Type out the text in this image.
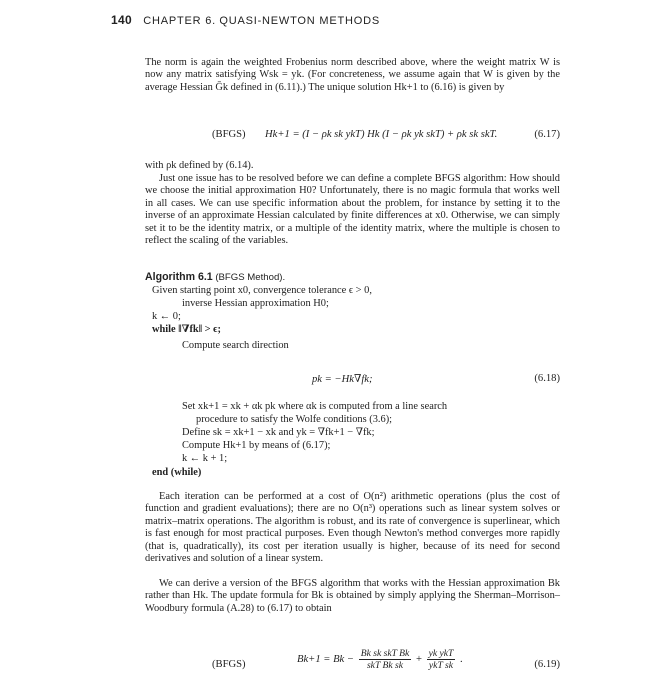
140 CHAPTER 6. QUASI-NEWTON METHODS

The norm is again the weighted Frobenius norm described above, where the weight matrix W is now any matrix satisfying Wsk = yk. (For concreteness, we assume again that W is given by the average Hessian Ḡk defined in (6.11).) The unique solution Hk+1 to (6.16) is given by

(BFGS) Hk+1 = (I − ρk sk ykT) Hk (I − ρk yk skT) + ρk sk skT.	(6.17)

with ρk defined by (6.14).

Just one issue has to be resolved before we can define a complete BFGS algorithm: How should we choose the initial approximation H0? Unfortunately, there is no magic formula that works well in all cases. We can use specific information about the problem, for instance by setting it to the inverse of an approximate Hessian calculated by finite differences at x0. Otherwise, we can simply set it to be the identity matrix, or a multiple of the identity matrix, where the multiple is chosen to reflect the scaling of the variables.

Algorithm 6.1 (BFGS Method).
Given starting point x0, convergence tolerance ϵ > 0,
inverse Hessian approximation H0;
k ← 0;
while ‖∇fk‖ > ϵ;
Compute search direction
pk = −Hk∇fk;	(6.18)
Set xk+1 = xk + αk pk where αk is computed from a line search
procedure to satisfy the Wolfe conditions (3.6);
Define sk = xk+1 − xk and yk = ∇fk+1 − ∇fk;
Compute Hk+1 by means of (6.17);
k ← k + 1;
end (while)

Each iteration can be performed at a cost of O(n²) arithmetic operations (plus the cost of function and gradient evaluations); there are no O(n³) operations such as linear system solves or matrix–matrix operations. The algorithm is robust, and its rate of convergence is superlinear, which is fast enough for most practical purposes. Even though Newton's method converges more rapidly (that is, quadratically), its cost per iteration usually is higher, because of its need for second derivatives and solution of a linear system.

We can derive a version of the BFGS algorithm that works with the Hessian approximation Bk rather than Hk. The update formula for Bk is obtained by simply applying the Sherman–Morrison–Woodbury formula (A.28) to (6.17) to obtain

(BFGS)	$Bk+1 = Bk - \frac{\text{Bk sk skT Bk}}{\text{skT Bk sk}} + \frac{\text{yk ykT}}{\text{ykT sk}}$ .	(6.19)
